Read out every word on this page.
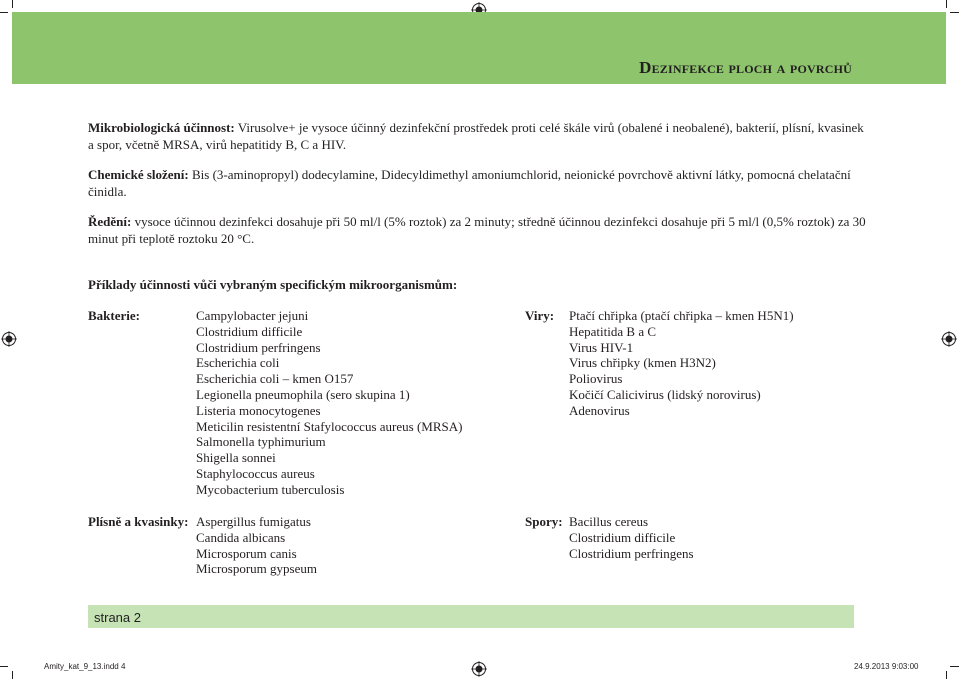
Dezinfekce ploch a povrchů
Mikrobiologická účinnost: Virusolve+ je vysoce účinný dezinfekční prostředek proti celé škále virů (obalené i neobalené), bakterií, plísní, kvasinek a spor, včetně MRSA, virů hepatitidy B, C a HIV.
Chemické složení: Bis (3-aminopropyl) dodecylamine, Didecyldimethyl amoniumchlorid, neionické povrchově aktivní látky, pomocná chelatační činidla.
Ředění: vysoce účinnou dezinfekci dosahuje při 50 ml/l (5% roztok) za 2 minuty; středně účinnou dezinfekci dosahuje při 5 ml/l (0,5% roztok) za 30 minut při teplotě roztoku 20 °C.
Příklady účinnosti vůči vybraným specifickým mikroorganismům:
Bakterie:	Campylobacter jejuni
Clostridium difficile
Clostridium perfringens
Escherichia coli
Escherichia coli – kmen O157
Legionella pneumophila (sero skupina 1)
Listeria monocytogenes
Meticilin resistentní Stafylococcus aureus (MRSA)
Salmonella typhimurium
Shigella sonnei
Staphylococcus aureus
Mycobacterium tuberculosis
Viry: Ptačí chřipka (ptačí chřipka – kmen H5N1)
Hepatitida B a C
Virus HIV-1
Virus chřipky (kmen H3N2)
Poliovirus
Kočičí Calicivirus (lidský norovirus)
Adenovirus
Plísně a kvasinky: Aspergillus fumigatus
Candida albicans
Microsporum canis
Microsporum gypseum
Spory: Bacillus cereus
Clostridium difficile
Clostridium perfringens
strana 2
Amity_kat_9_13.indd 4	24.9.2013 9:03:00
